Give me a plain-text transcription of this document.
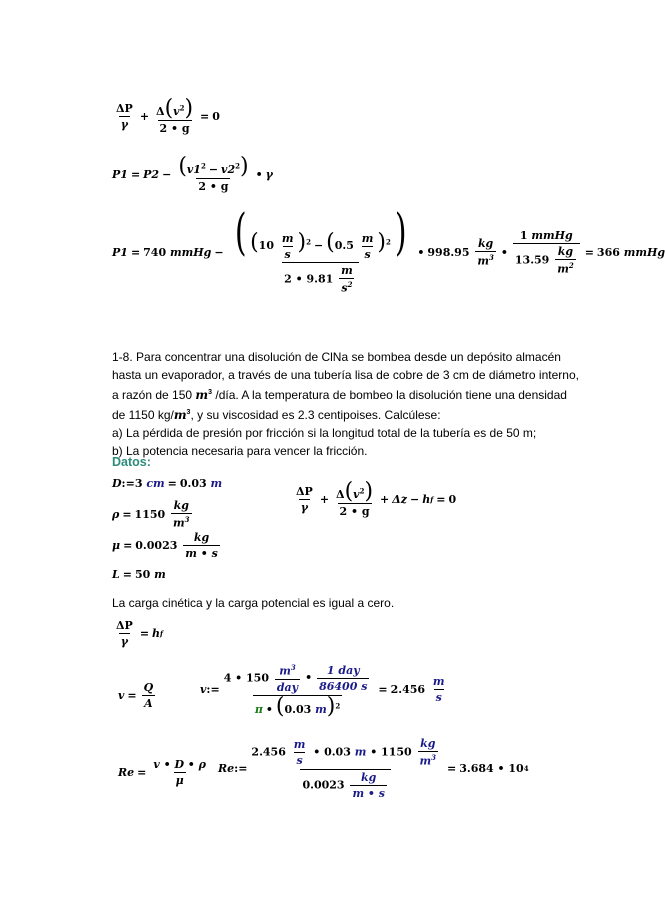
$\frac{\Delta P}{\gamma} + \frac{\Delta(v^2)}{2 • g} = 0$
$P1 = P2 - \frac{(v1^2 - v2^2)}{2 • g}$ • γ
P1 = 740
mmHg − $\frac{( (10 \frac{m}{s} )^2 - (0.5 \frac{m}{s} )^2)}{2 • 9.81 \frac{m}{s^2}}$ • 998.95
$\frac{kg}{m^3}$ • $\frac{\text{1 mmHg}}{13.59 \frac{kg}{m^2}} = 366$
mmHg
1-8. Para concentrar una disolución de ClNa se bombea desde un depósito almacén
hasta un evaporador, a través de una tubería lisa de cobre de 3 cm de diámetro interno,
a razón de 150 $m^3$ /día. A la temperatura de bombeo la disolución tiene una densidad
de 1150 $kg/m^3$, y su viscosidad es 2.3 centipoises. Calcúlese:
a) La pérdida de presión por fricción si la longitud total de la tubería es de 50 m;
b) La potencia necesaria para vencer la fricción.
Datos:
D:=3 cm = 0.03 m
ρ = 1150
$\frac{kg}{m^3}$
μ = 0.0023
$\frac{kg}{m • s}$
L = 50 m
$\frac{\Delta P}{\gamma} + \frac{\Delta(v^2)}{2 • g} + \Delta z - h$ f = 0
La carga cinética y la carga potencial es igual a cero.
$\frac{\Delta P}{\gamma} = h$ f
$v = \frac{Q}{A}$	v := $\frac{4 • 150 \frac{m^3}{\text{day}} • \frac{\text{1 day}}{86400 s}}{\pi • (0.03 m)^2} = 2.456$
$\frac{m}{s}$
$Re = \frac{v • D • \rho}{\mu}$ Re := $\frac{2.456 \frac{m}{s} • 0.03 m • 1150 \frac{kg}{m^3}}{0.0023 \frac{kg}{m • s}} = 3.684$ • 10 4
